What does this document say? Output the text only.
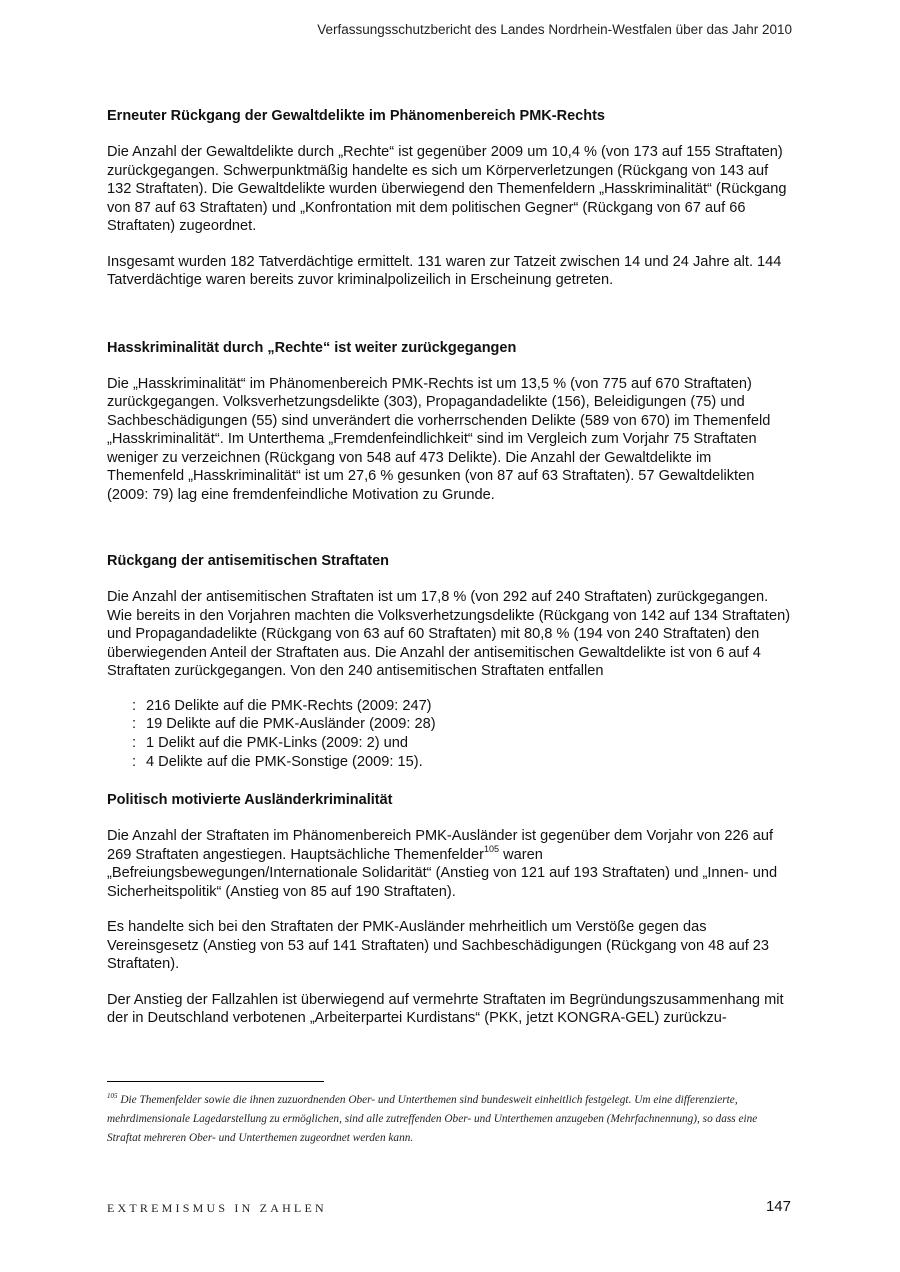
Verfassungsschutzbericht des Landes Nordrhein-Westfalen über das Jahr 2010
Erneuter Rückgang der Gewaltdelikte im Phänomenbereich PMK-Rechts

Die Anzahl der Gewaltdelikte durch „Rechte“ ist gegenüber 2009 um 10,4 % (von 173 auf 155 Straftaten) zurückgegangen. Schwerpunktmäßig handelte es sich um Körperverletzungen (Rückgang von 143 auf 132 Straftaten). Die Gewaltdelikte wurden überwiegend den Themenfeldern „Hasskriminalität“ (Rückgang von 87 auf 63 Straftaten) und „Konfrontation mit dem politischen Gegner“ (Rückgang von 67 auf 66 Straftaten) zugeordnet.

Insgesamt wurden 182 Tatverdächtige ermittelt. 131 waren zur Tatzeit zwischen 14 und 24 Jahre alt. 144 Tatverdächtige waren bereits zuvor kriminalpolizeilich in Erscheinung getreten.

Hasskriminalität durch „Rechte“ ist weiter zurückgegangen

Die „Hasskriminalität“ im Phänomenbereich PMK-Rechts ist um 13,5 % (von 775 auf 670 Straftaten) zurückgegangen. Volksverhetzungsdelikte (303), Propagandadelikte (156), Beleidigungen (75) und Sachbeschädigungen (55) sind unverändert die vorherrschenden Delikte (589 von 670) im Themenfeld „Hasskriminalität“. Im Unterthema „Fremdenfeindlichkeit“ sind im Vergleich zum Vorjahr 75 Straftaten weniger zu verzeichnen (Rückgang von 548 auf 473 Delikte). Die Anzahl der Gewaltdelikte im Themenfeld „Hasskriminalität“ ist um 27,6 % gesunken (von 87 auf 63 Straftaten). 57 Gewaltdelikten (2009: 79) lag eine fremdenfeindliche Motivation zu Grunde.

Rückgang der antisemitischen Straftaten

Die Anzahl der antisemitischen Straftaten ist um 17,8 % (von 292 auf 240 Straftaten) zurückgegangen. Wie bereits in den Vorjahren machten die Volksverhetzungsdelikte (Rückgang von 142 auf 134 Straftaten) und Propagandadelikte (Rückgang von 63 auf 60 Straftaten) mit 80,8 % (194 von 240 Straftaten) den überwiegenden Anteil der Straftaten aus. Die Anzahl der antisemitischen Gewaltdelikte ist von 6 auf 4 Straftaten zurückgegangen. Von den 240 antisemitischen Straftaten entfallen

: 216 Delikte auf die PMK-Rechts (2009: 247)
: 19 Delikte auf die PMK-Ausländer (2009: 28)
: 1 Delikt auf die PMK-Links (2009: 2) und
: 4 Delikte auf die PMK-Sonstige (2009: 15).
Politisch motivierte Ausländerkriminalität

Die Anzahl der Straftaten im Phänomenbereich PMK-Ausländer ist gegenüber dem Vorjahr von 226 auf 269 Straftaten angestiegen. Hauptsächliche Themenfelder$^{105}$ waren „Befreiungsbewegungen/Internationale Solidarität“ (Anstieg von 121 auf 193 Straftaten) und „Innen- und Sicherheitspolitik“ (Anstieg von 85 auf 190 Straftaten).

Es handelte sich bei den Straftaten der PMK-Ausländer mehrheitlich um Verstöße gegen das Vereinsgesetz (Anstieg von 53 auf 141 Straftaten) und Sachbeschädigungen (Rückgang von 48 auf 23 Straftaten).

Der Anstieg der Fallzahlen ist überwiegend auf vermehrte Straftaten im Begründungszusammenhang mit der in Deutschland verbotenen „Arbeiterpartei Kurdistans“ (PKK, jetzt KONGRA-GEL) zurückzu-

$^{105}$ Die Themenfelder sowie die ihnen zuzuordnenden Ober- und Unterthemen sind bundesweit einheitlich festgelegt. Um eine differenzierte, mehrdimensionale Lagedarstellung zu ermöglichen, sind alle zutreffenden Ober- und Unterthemen anzugeben (Mehrfachnennung), so dass eine Straftat mehreren Ober- und Unterthemen zugeordnet werden kann.
EXTREMISMUS IN ZAHLEN	147
